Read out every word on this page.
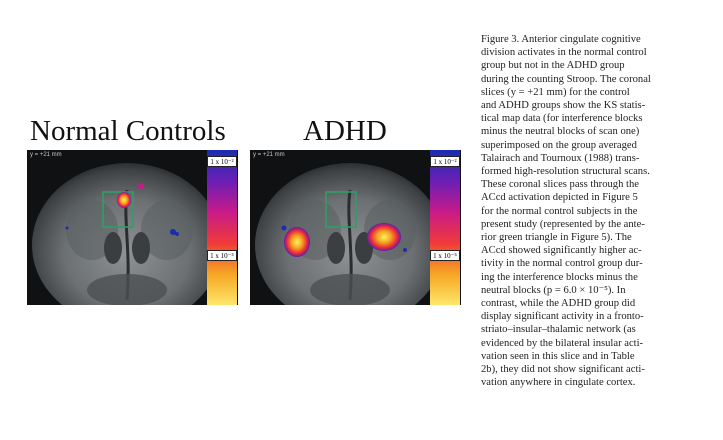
Normal Controls	ADHD
y = +21 mm
1 x 10⁻²
1 x 10⁻⁵
y = +21 mm
1 x 10⁻²
1 x 10⁻⁵

Figure 3. Anterior cingulate cognitive

division activates in the normal control

group but not in the ADHD group

during the counting Stroop. The coronal

slices (y = +21 mm) for the control

and ADHD groups show the KS statis-

tical map data (for interference blocks

minus the neutral blocks of scan one)

superimposed on the group averaged

Talairach and Tournoux (1988) trans-

formed high-resolution structural scans.

These coronal slices pass through the

ACcd activation depicted in Figure 5

for the normal control subjects in the

present study (represented by the ante-

rior green triangle in Figure 5). The

ACcd showed significantly higher ac-

tivity in the normal control group dur-

ing the interference blocks minus the

neutral blocks (p = 6.0 × 10⁻⁵). In

contrast, while the ADHD group did

display significant activity in a fronto-

striato–insular–thalamic network (as

evidenced by the bilateral insular acti-

vation seen in this slice and in Table

2b), they did not show significant acti-

vation anywhere in cingulate cortex.
